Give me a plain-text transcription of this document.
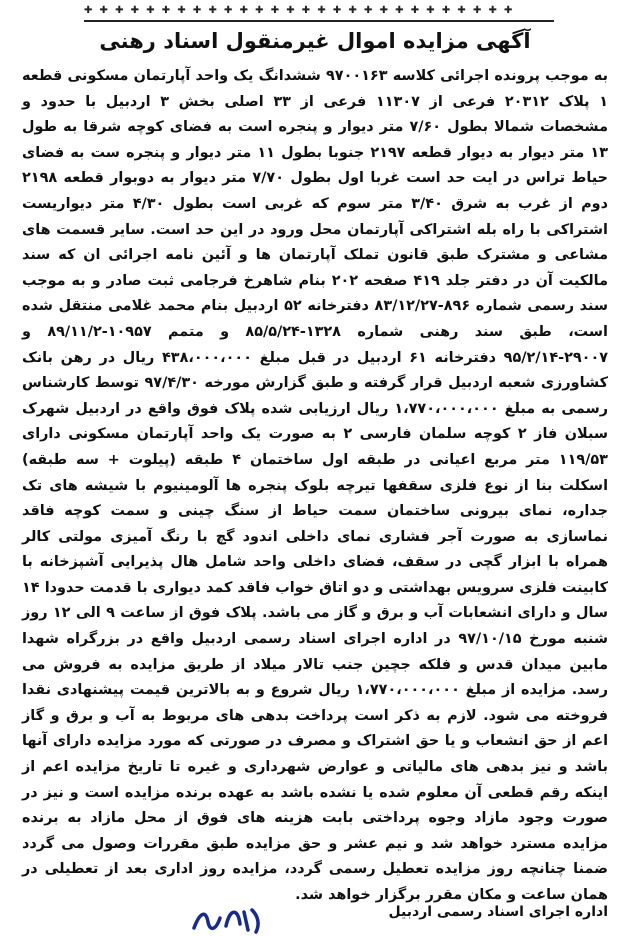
✚ ✚ ✚ ✚ ✚ ✚ ✚ ✚ ✚ ✚ ✚ ✚ ✚ ✚ ✚ ✚ ✚ ✚ ✚ ✚ ✚ ✚ ✚ ✚ ✚ ✚ ✚ ✚
آگهی مزایده اموال غیرمنقول اسناد رهنی

به موجب پرونده اجرائی کلاسه ۹۷۰۰۱۶۳ ششدانگ یک واحد آپارتمان مسکونی قطعه ۱ پلاک ۲۰۳۱۲ فرعی از ۱۱۳۰۷ فرعی از ۳۳ اصلی بخش ۳ اردبیل با حدود و مشخصات شمالا بطول ۷/۶۰ متر دیوار و پنجره است به فضای کوچه شرقا به طول ۱۳ متر دیوار به دیوار قطعه ۲۱۹۷ جنوبا بطول ۱۱ متر دیوار و پنجره ست به فضای حیاط تراس در ایت حد است غربا اول بطول ۷/۷۰ متر دیوار به دوبوار قطعه ۲۱۹۸ دوم از غرب به شرق ۳/۴۰ متر سوم که غربی است بطول ۴/۳۰ متر دیواریست اشتراکی با راه بله اشتراکی آپارتمان محل ورود در این حد است. سایر قسمت های مشاعی و مشترک طبق قانون تملک آپارتمان ها و آئین نامه اجرائی ان که سند مالکیت آن در دفتر جلد ۴۱۹ صفحه ۲۰۲ بنام شاهرخ فرجامی ثبت صادر و به موجب سند رسمی شماره ۸۹۶-۸۳/۱۲/۲۷ دفترخانه ۵۲ اردبیل بنام محمد غلامی منتقل شده است، طبق سند رهنی شماره ۱۳۲۸-۸۵/۵/۲۴ و متمم ۱۰۹۵۷-۸۹/۱۱/۲ و ۲۹۰۰۷-۹۵/۲/۱۴ دفترخانه ۶۱ اردبیل در قبل مبلغ ۴۳۸،۰۰۰،۰۰۰ ریال در رهن بانک کشاورزی شعبه اردبیل قرار گرفته و طبق گزارش مورخه ۹۷/۴/۳۰ توسط کارشناس رسمی به مبلغ ۱،۷۷۰،۰۰۰،۰۰۰ ریال ارزیابی شده پلاک فوق واقع در اردبیل شهرک سبلان فاز ۲ کوچه سلمان فارسی ۲ به صورت یک واحد آپارتمان مسکونی دارای ۱۱۹/۵۳ متر مربع اعیانی در طبقه اول ساختمان ۴ طبقه (پیلوت + سه طبقه) اسکلت بنا از نوع فلزی سقفها تیرچه بلوک پنجره ها آلومینیوم با شیشه های تک جداره، نمای بیرونی ساختمان سمت حیاط از سنگ چینی و سمت کوچه فاقد نماسازی به صورت آجر فشاری نمای داخلی اندود گچ با رنگ آمیزی مولتی کالر همراه با ابزار گچی در سقف، فضای داخلی واحد شامل هال پذیرایی آشپزخانه با کابینت فلزی سرویس بهداشتی و دو اتاق خواب فاقد کمد دیواری با قدمت حدودا ۱۴ سال و دارای انشعابات آب و برق و گاز می باشد. پلاک فوق از ساعت ۹ الی ۱۲ روز شنبه مورخ ۹۷/۱۰/۱۵ در اداره اجرای اسناد رسمی اردبیل واقع در بزرگراه شهدا مابین میدان قدس و فلکه جچین جنب تالار میلاد از طریق مزایده به فروش می رسد. مزایده از مبلغ ۱،۷۷۰،۰۰۰،۰۰۰ ریال شروع و به بالاترین قیمت پیشنهادی نقدا فروخته می شود. لازم به ذکر است پرداخت بدهی های مربوط به آب و برق و گاز اعم از حق انشعاب و یا حق اشتراک و مصرف در صورتی که مورد مزایده دارای آنها باشد و نیز بدهی های مالیاتی و عوارض شهرداری و غیره تا تاریخ مزایده اعم از اینکه رقم قطعی آن معلوم شده یا نشده باشد به عهده برنده مزایده است و نیز در صورت وجود مازاد وجوه پرداختی بابت هزینه های فوق از محل مازاد به برنده مزایده مسترد خواهد شد و نیم عشر و حق مزایده طبق مقررات وصول می گردد ضمنا چنانچه روز مزایده تعطیل رسمی گردد، مزایده روز اداری بعد از تعطیلی در همان ساعت و مکان مقرر برگزار خواهد شد.

اداره اجرای اسناد رسمی اردبیل
